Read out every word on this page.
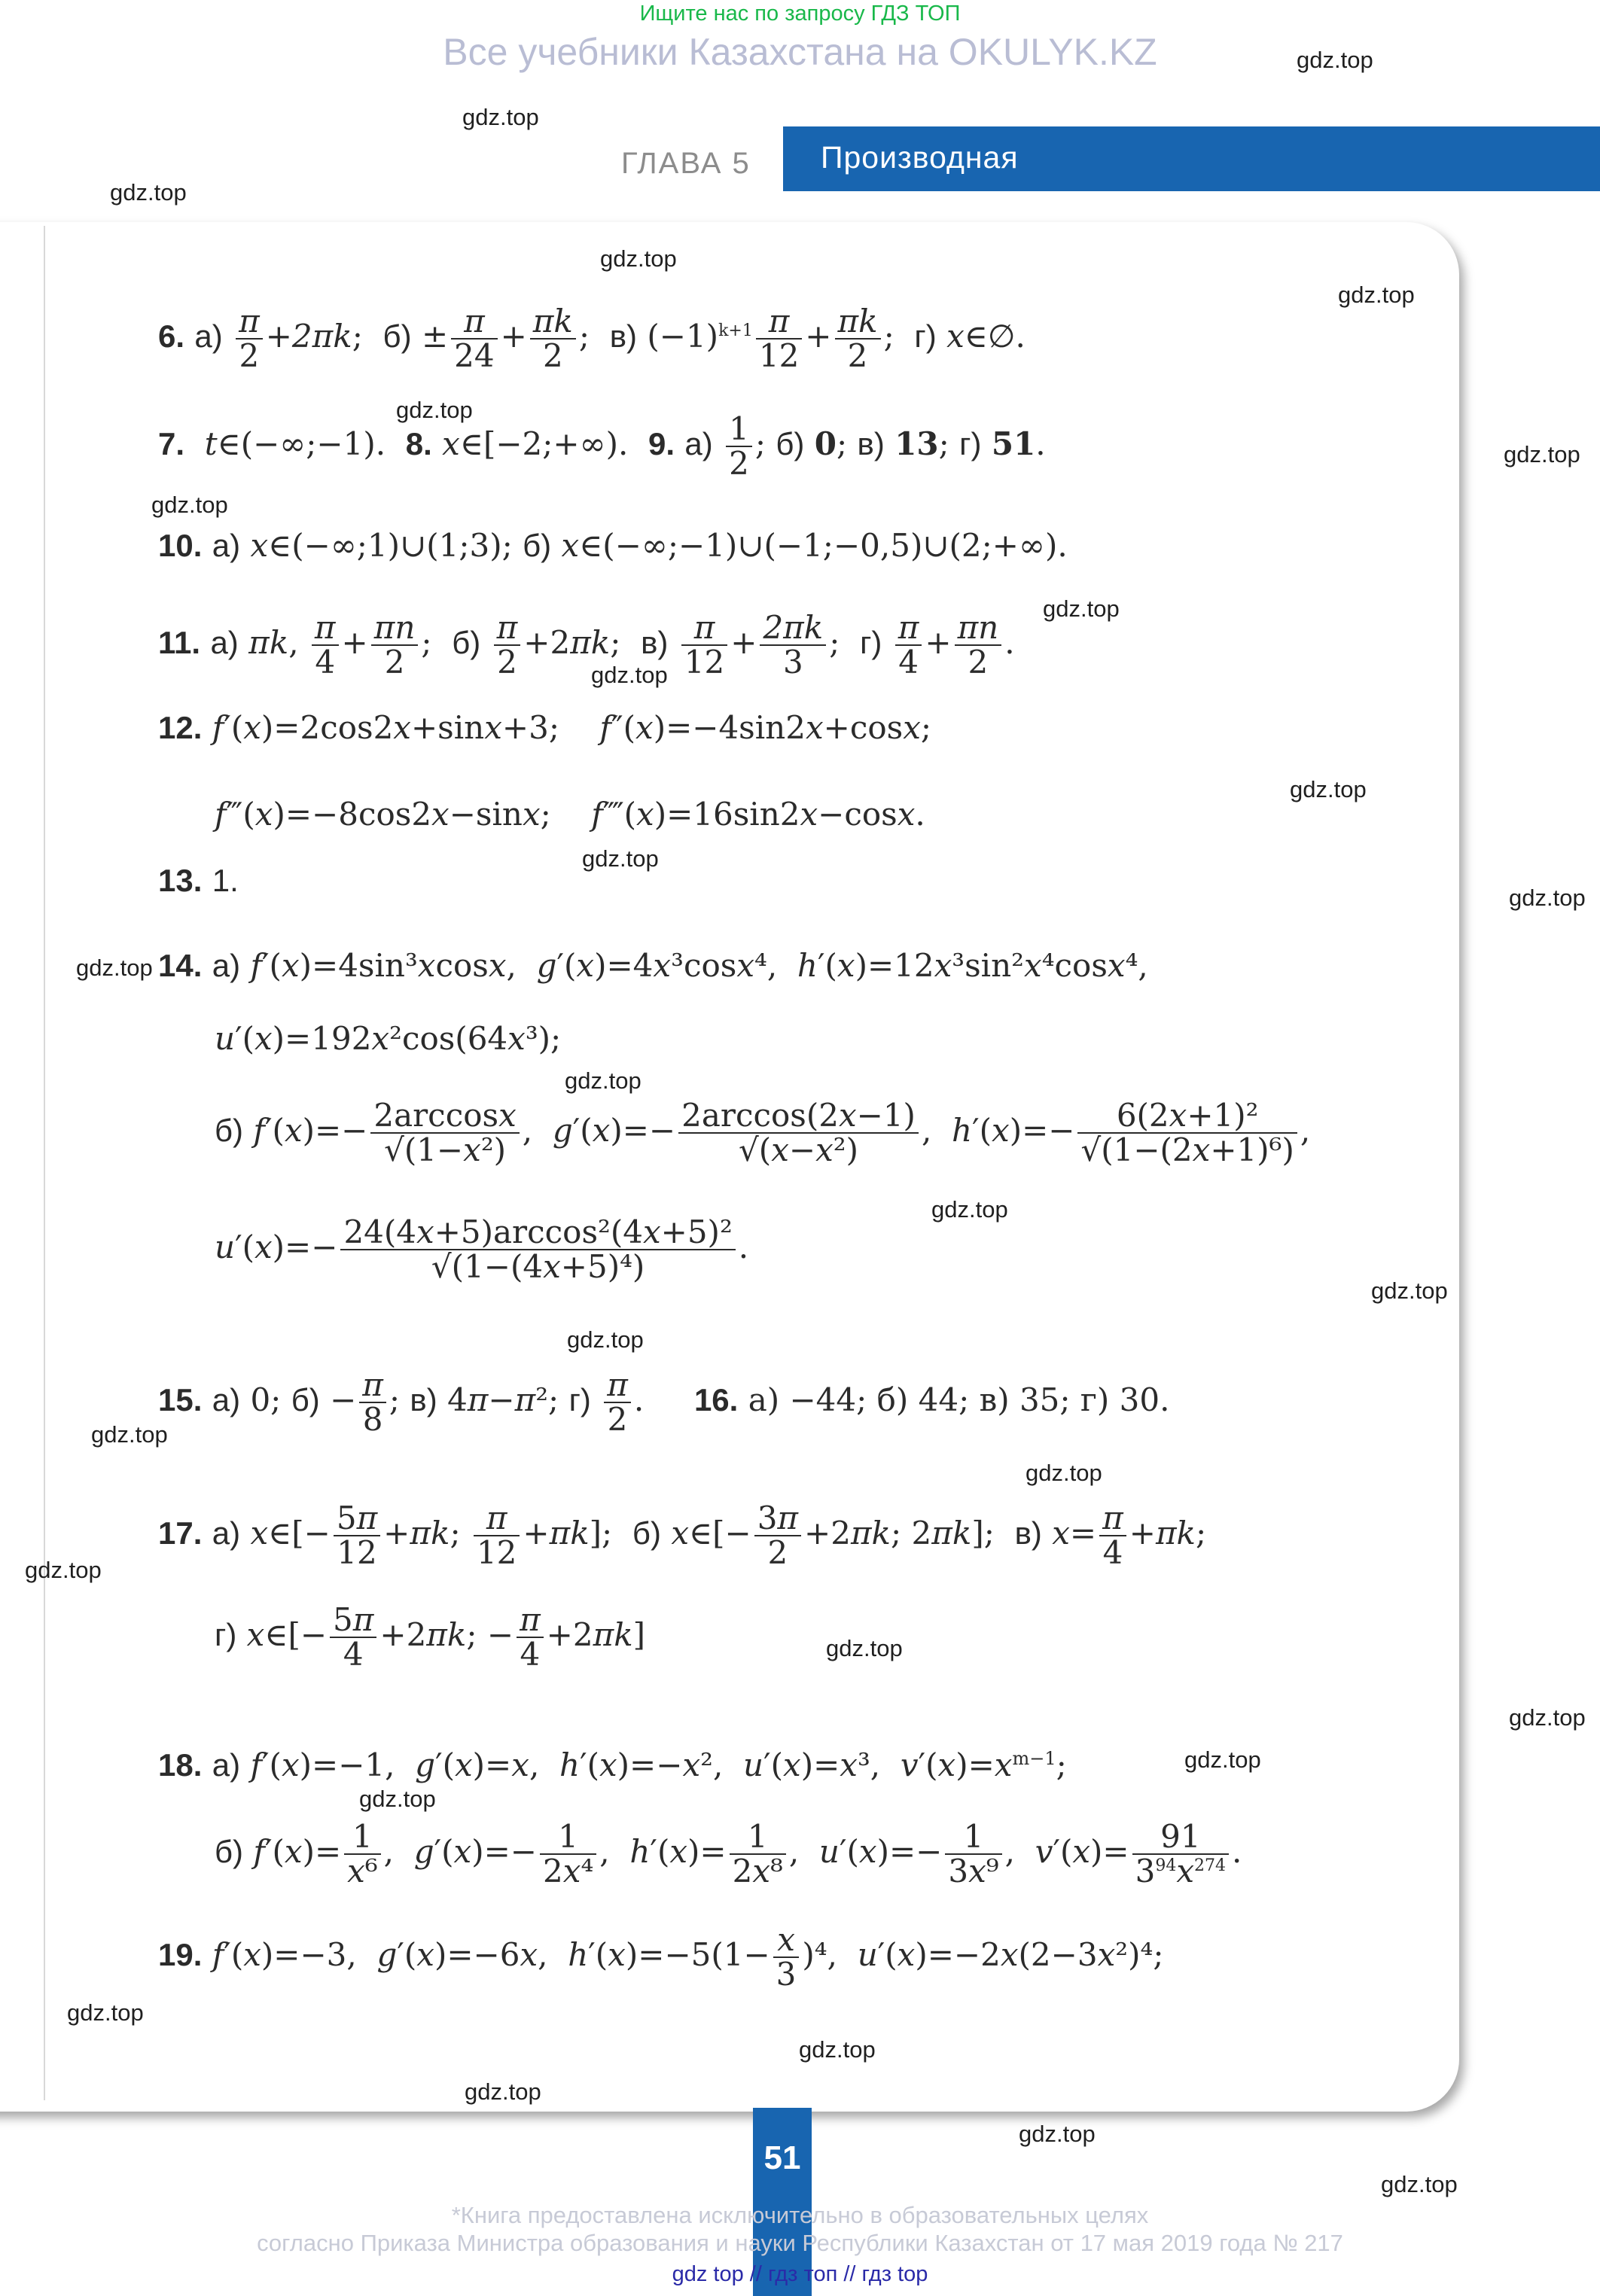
Ищите нас по запросу ГДЗ ТОП
Все учебники Казахстана на OKULYK.KZ
ГЛАВА 5 Производная
6. $а) \frac{\pi}{2} +2\pi k$;  $б) \pm \frac{\pi}{24} + \frac{\pi k}{2}$ ;  в) $(-1)^{k+1} \frac{\pi}{12} + \frac{\pi k}{2}$ ;  г) x∈∅.
7. t∈(−∞;−1).  8. x∈[−2;+∞).  9. $а) \frac{1}{2}$ ; б) 0; в) 13; г) 51.
10. а) x∈(−∞;1)∪(1;3); б) x∈(−∞;−1)∪(−1;−0,5)∪(2;+∞).
11. а) πk, $\frac{\pi}{4} + \frac{\pi n}{2}$ ;  $б) \frac{\pi}{2} +2\pi k$;  $в) \frac{\pi}{12} + \frac{2\pi k}{3}$ ;  $г) \frac{\pi}{4} + \frac{\pi n}{2}$ .
12. f′(x)=2cos2x+sinx+3;    f″(x)=−4sin2x+cosx;
f‴(x)=−8cos2x−sinx;    f⁗(x)=16sin2x−cosx.
13. 1.
14. а) f′(x)=4sin³xcosx,  g′(x)=4x³cosx⁴,  h′(x)=12x³sin²x⁴cosx⁴,
u′(x)=192x²cos(64x³);
б) $f'(x)=- \frac{2\arccos x}{\text{√(1−x²)}}$ ,  $g'(x)=- \frac{2\arccos(2x-1)}{\text{√(x−x²)}}$ ,  $h'(x)=- \frac{\text{6(2x+1)²}}{\text{√(1−(2x+1)⁶)}}$ ,
$u'(x)=- \frac{\text{24(4x+5)arccos²(4x+5)²}}{\text{√(1−(4x+5)⁴)}}$ .
15. а) 0; $б) - \frac{\pi}{8}$ ; в) 4π−π²; $г) \frac{\pi}{2}$ .     16. а) −44; б) 44; в) 35; г) 30.
17. а) x∈[− $\frac{5\pi}{12} +\pi k$; $\frac{\pi}{12} +\pi k$];  б) x∈[− $\frac{3\pi}{2} +2\pi k$; 2πk];  в) $x= \frac{\pi}{4} +\pi k$;
г) x∈[− $\frac{5\pi}{4} +2\pi k$; − $\frac{\pi}{4} +2\pi k$]
18. а) f′(x)=−1,  g′(x)=x,  h′(x)=−x²,  u′(x)=x³,  $v'(x)=x^{m-1}$;
б) $f'(x)= \frac{1}{\text{x⁶}}$ ,  $g'(x)=- \frac{1}{\text{2x⁴}}$ ,  $h'(x)= \frac{1}{\text{2x⁸}}$ ,  $u'(x)=- \frac{1}{\text{3x⁹}}$ ,  $v'(x)= \frac{91}{3^{94}x^{274}}$ .
19. f′(x)=−3,  g′(x)=−6x,  $h'(x)=-5(1- \frac{x}{3} )^4$,  u′(x)=−2x(2−3x²)⁴;
gdz.top
gdz.top
gdz.top
gdz.top
gdz.top
gdz.top
gdz.top
gdz.top
gdz.top
gdz.top
gdz.top
gdz.top
gdz.top
gdz.top
gdz.top
gdz.top
gdz.top
gdz.top
gdz.top
gdz.top
gdz.top
gdz.top
gdz.top
gdz.top
gdz.top
gdz.top
gdz.top
gdz.top
gdz.top
gdz.top
51
*Книга предоставлена исключительно в образовательных целях
согласно Приказа Министра образования и науки Республики Казахстан от 17 мая 2019 года № 217
gdz top // гдз топ // гдз top
